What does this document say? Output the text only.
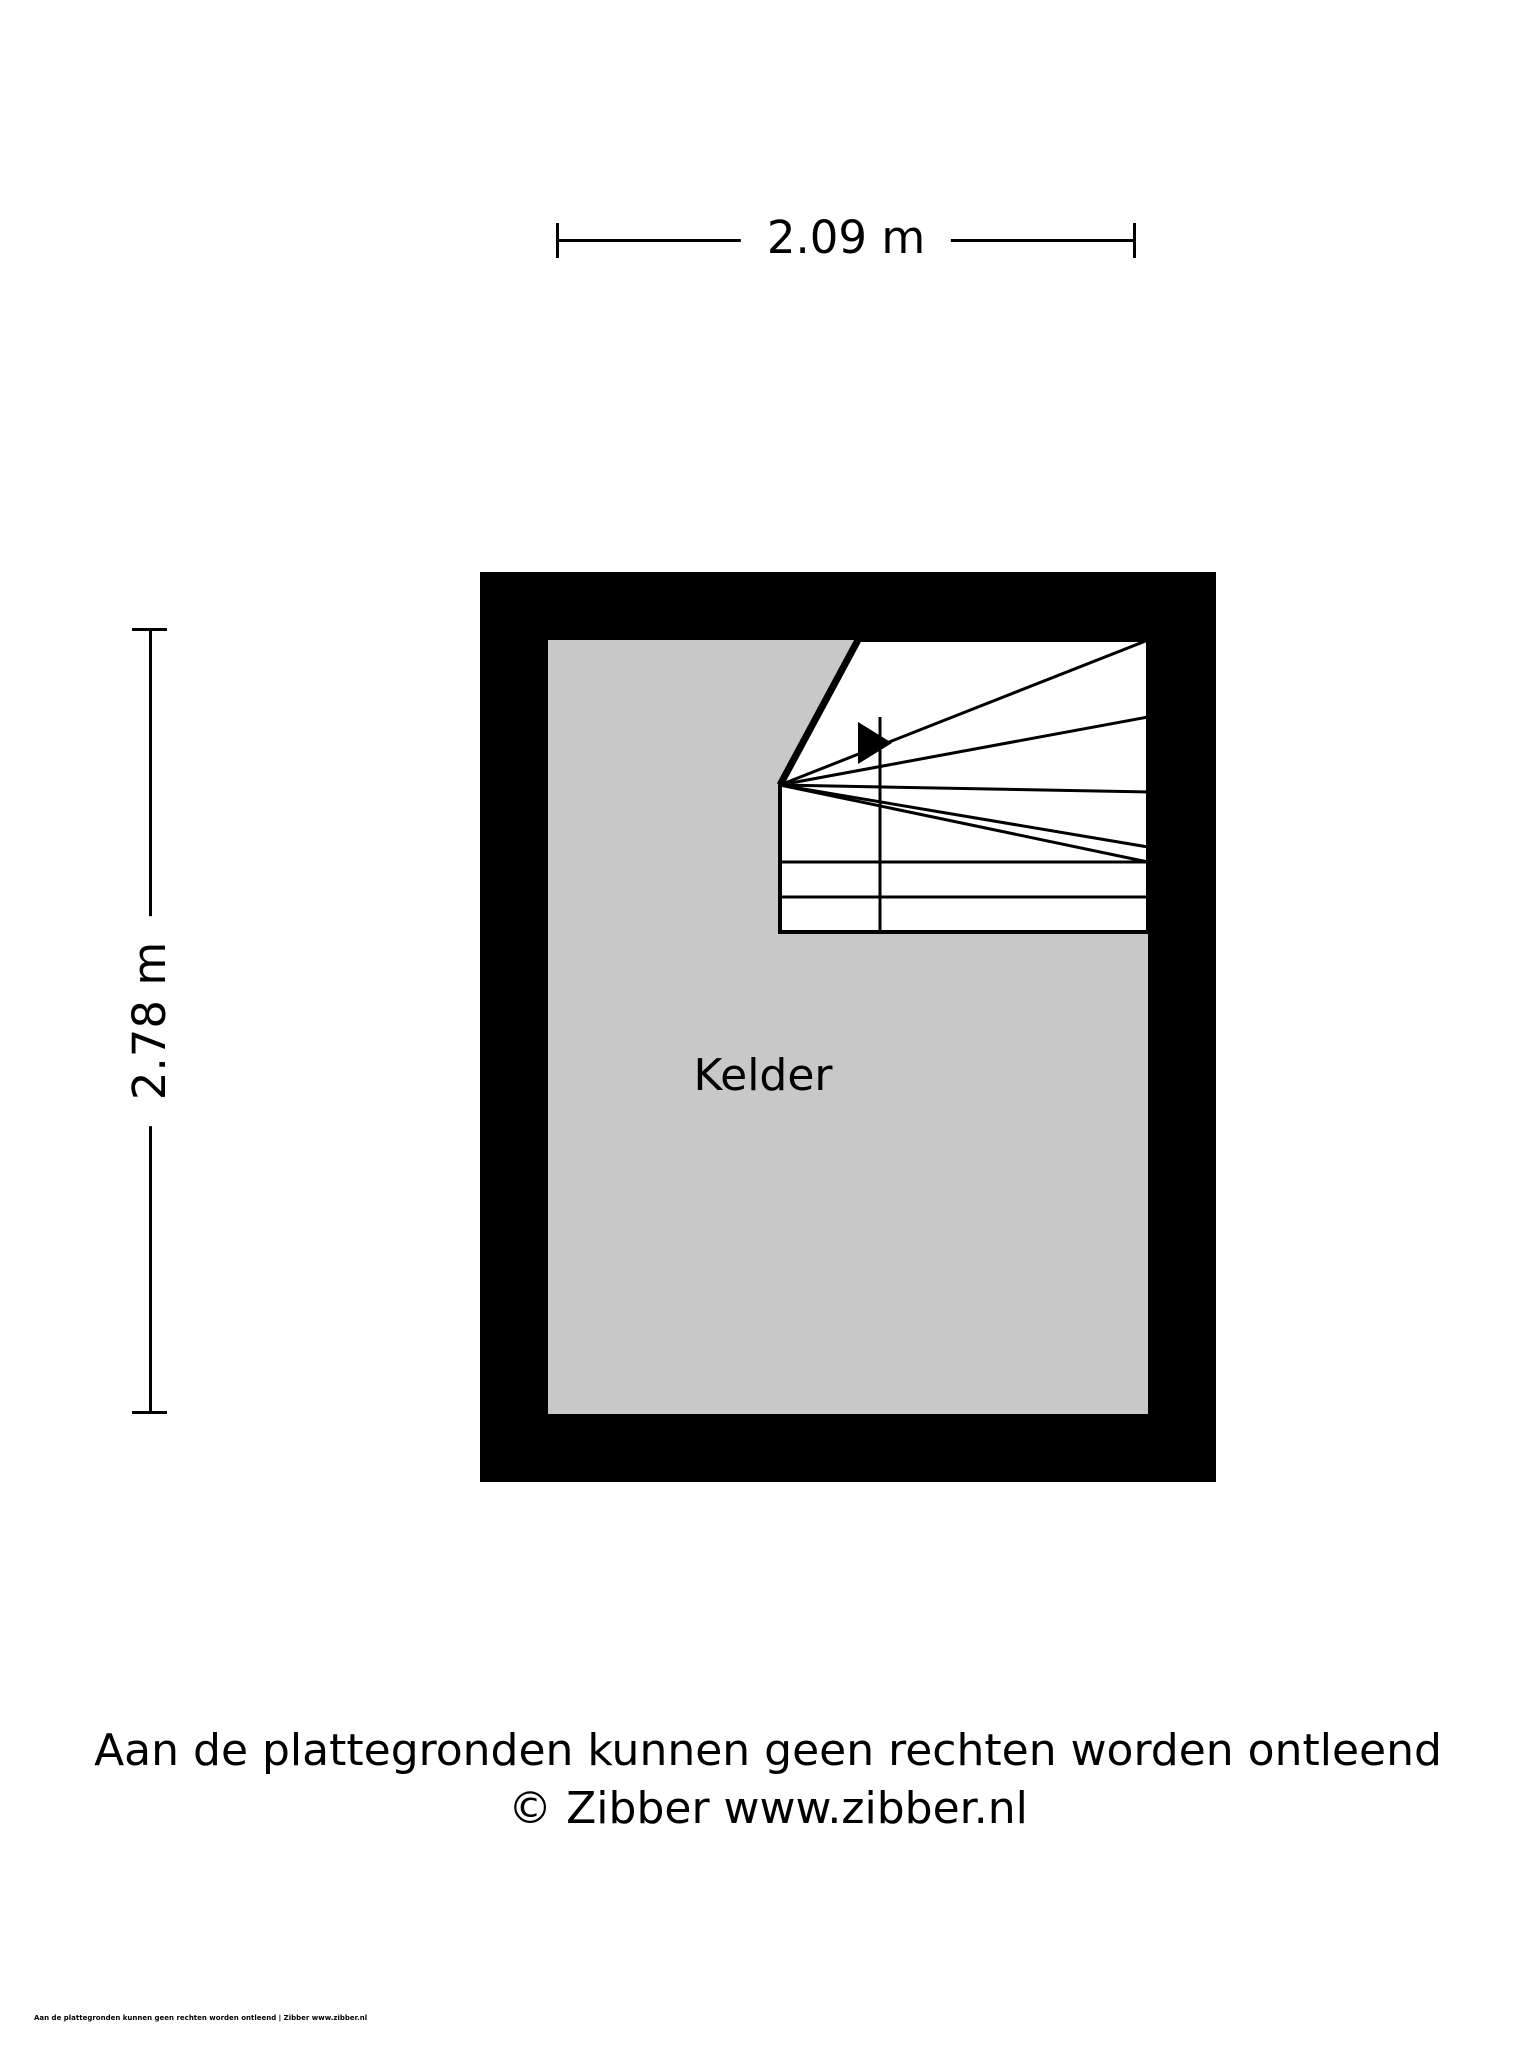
2.09 m
2.78 m	Kelder
Aan de plattegronden kunnen geen rechten worden ontleend
© Zibber www.zibber.nl
Aan de plattegronden kunnen geen rechten worden ontleend | Zibber www.zibber.nl
